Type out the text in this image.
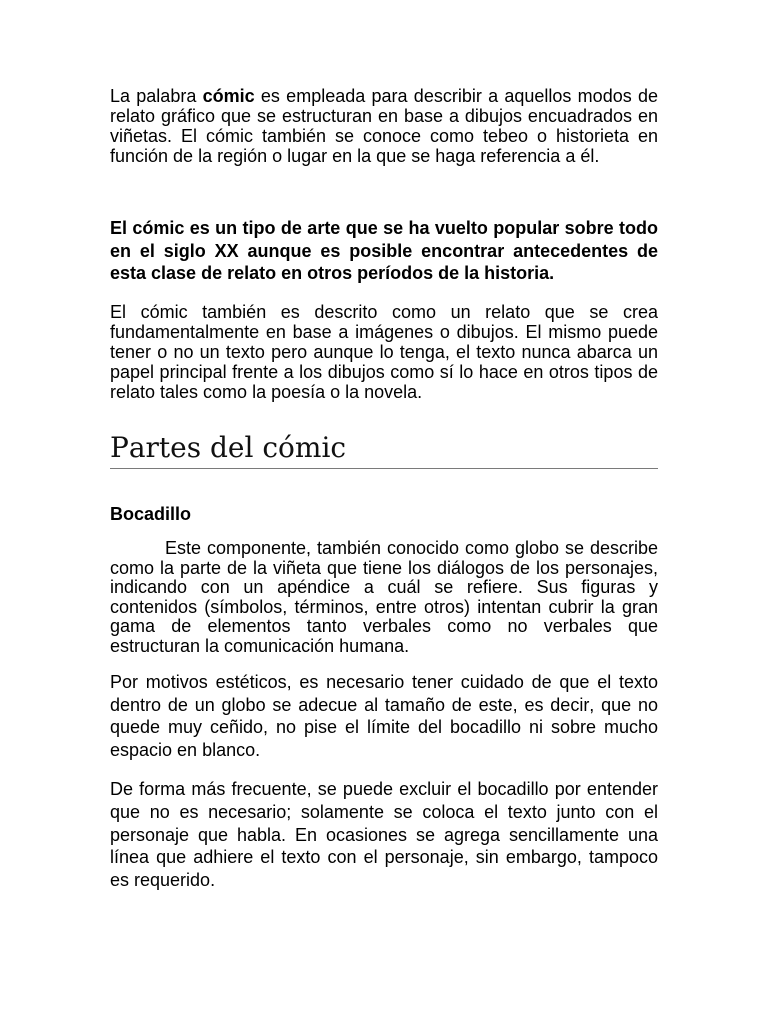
La palabra cómic es empleada para describir a aquellos modos de relato gráfico que se estructuran en base a dibujos encuadrados en viñetas. El cómic también se conoce como tebeo o historieta en función de la región o lugar en la que se haga referencia a él.

El cómic es un tipo de arte que se ha vuelto popular sobre todo en el siglo XX aunque es posible encontrar antecedentes de esta clase de relato en otros períodos de la historia.

El cómic también es descrito como un relato que se crea fundamentalmente en base a imágenes o dibujos. El mismo puede tener o no un texto pero aunque lo tenga, el texto nunca abarca un papel principal frente a los dibujos como sí lo hace en otros tipos de relato tales como la poesía o la novela.

Partes del cómic
Bocadillo

Este componente, también conocido como globo se describe como la parte de la viñeta que tiene los diálogos de los personajes, indicando con un apéndice a cuál se refiere. Sus figuras y contenidos (símbolos, términos, entre otros) intentan cubrir la gran gama de elementos tanto verbales como no verbales que estructuran la comunicación humana.

Por motivos estéticos, es necesario tener cuidado de que el texto dentro de un globo se adecue al tamaño de este, es decir, que no quede muy ceñido, no pise el límite del bocadillo ni sobre mucho espacio en blanco.

De forma más frecuente, se puede excluir el bocadillo por entender que no es necesario; solamente se coloca el texto junto con el personaje que habla. En ocasiones se agrega sencillamente una línea que adhiere el texto con el personaje, sin embargo, tampoco es requerido.
